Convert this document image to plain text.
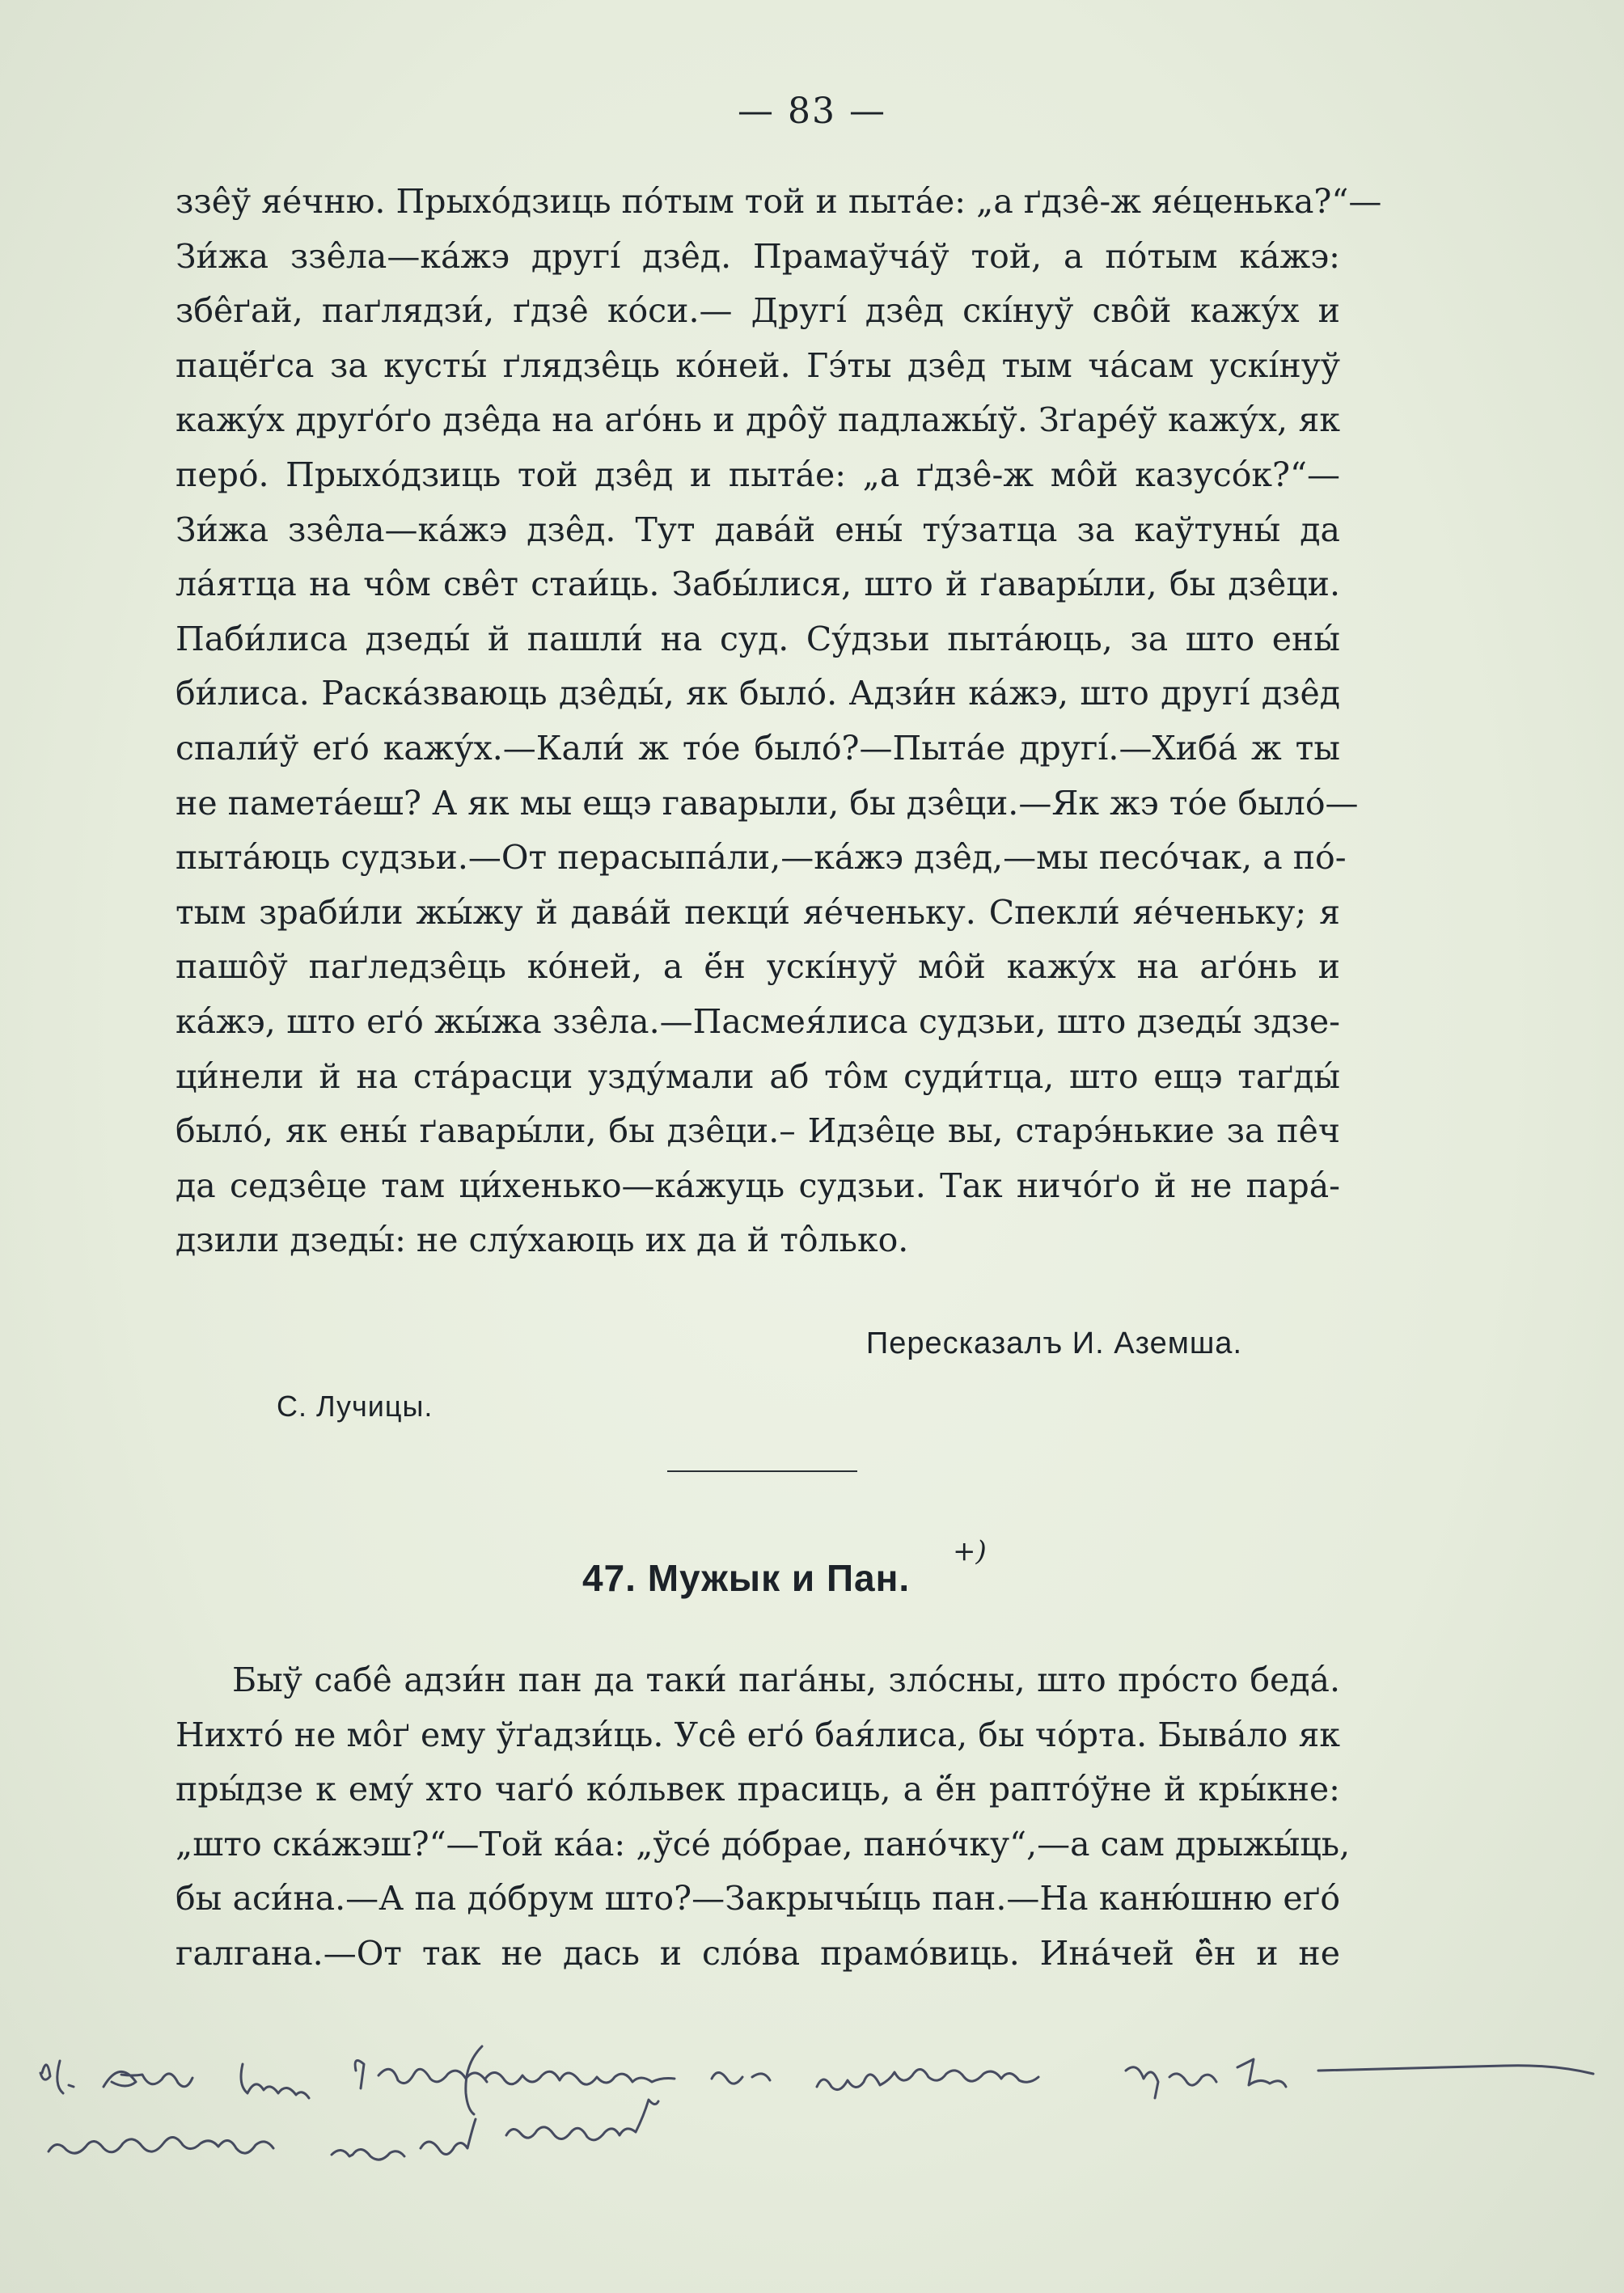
— 83 —
ззе̂ў яе́чню. Прыхо́дзиць по́тым той и пыта́е: „а ґдзе̂-ж яе́ценька?“—
Зи́жа ззе̂ла—ка́жэ другі́ дзе̂д. Прамаўча́ў той, а по́тым ка́жэ:
збе̂ґай, паґлядзи́, ґдзе̂ ко́си.— Другі́ дзе̂д скі́нуў свôй кажу́х и
пацё́ґса за кусты́ ґлядзе̂ць ко́ней. Гэ́ты дзе̂д тым ча́сам ускі́нуў
кажу́х друґо́ґо дзе̂да на аґо́нь и дрôў падлажы́ў. Зґаре́ў кажу́х, як
перо́. Прыхо́дзиць той дзе̂д и пыта́е: „а ґдзе̂-ж мôй казусо́к?“—
Зи́жа ззе̂ла—ка́жэ дзе̂д. Тут дава́й ены́ ту́затца за каўтуны́ да
ла́ятца на чôм све̂т стаи́ць. Забы́лися, што й ґавары́ли, бы дзе̂ци.
Паби́лиса дзеды́ й пашли́ на суд. Су́дзьи пыта́юць, за што ены́
би́лиса. Раска́зваюць дзе̂ды́, як было́. Адзи́н ка́жэ, што другі́ дзе̂д
спали́ў еґо́ кажу́х.—Кали́ ж то́е было́?—Пыта́е другі́.—Хиба́ ж ты
не памета́еш? А як мы ещэ гаварыли, бы дзе̂ци.—Як жэ то́е было́—
пыта́юць судзьи.—От перасыпа́ли,—ка́жэ дзе̂д,—мы песо́чак, а по́-
тым зраби́ли жы́жу й дава́й пекци́ яе́ченьку. Спекли́ яе́ченьку; я
пашôў паґледзе̂ць ко́ней, а ё́н ускі́нуў мôй кажу́х на аґо́нь и
ка́жэ, што еґо́ жы́жа ззе̂ла.—Пасмея́лиса судзьи, што дзеды́ здзе-
ци́нели й на ста́расци узду́мали аб тôм суди́тца, што ещэ таґды́
было́, як ены́ ґавары́ли, бы дзе̂ци.– Идзе̂це вы, старэ́нькие за пе̂ч
да седзе̂це там ци́хенько—ка́жуць судзьи. Так ничо́ґо й не пара́-
дзили дзеды́: не слу́хаюць их да й тôлько.
Пересказалъ И. Аземша.
С. Лучицы.
47. Мужык и Пан.
+)
Быў сабе̂ адзи́н пан да таки́ паґа́ны, зло́сны, што про́сто беда́.
Нихто́ не мôґ ему ўґадзи́ць. Усе̂ еґо́ бая́лиса, бы чо́рта. Быва́ло як
пры́дзе к ему́ хто чаґо́ ко́львек прасиць, а ё́н рапто́ўне й кры́кне:
„што ска́жэш?“—Той ка́а: „ўсе́ до́брае, пано́чку“,—а сам дрыжы́ць,
бы аси́на.—А па до́брум што?—Закрычы́ць пан.—На каню́шню еґо́
галгана.—От так не дась и сло́ва прамо́виць. Ина́чей ё̂н и не
